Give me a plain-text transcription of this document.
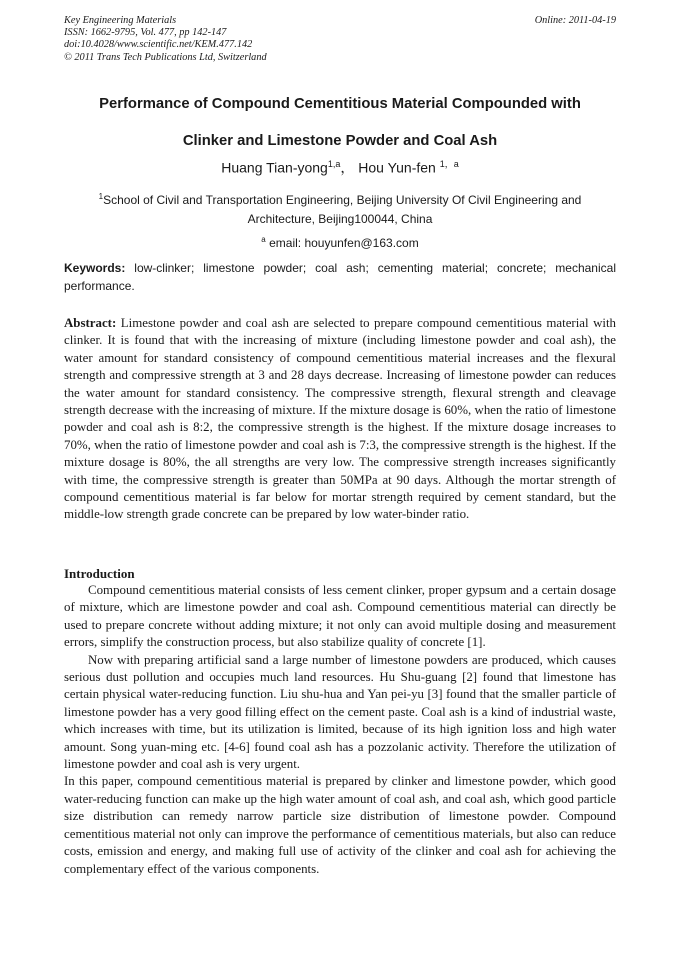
Key Engineering Materials
ISSN: 1662-9795, Vol. 477, pp 142-147
doi:10.4028/www.scientific.net/KEM.477.142
© 2011 Trans Tech Publications Ltd, Switzerland
Online: 2011-04-19
Performance of Compound Cementitious Material Compounded with
Clinker and Limestone Powder and Coal Ash
Huang Tian-yong$^{1,a}$， Hou Yun-fen $^{1,a}$
$^1$School of Civil and Transportation Engineering, Beijing University Of Civil Engineering and Architecture, Beijing100044, China
$^a$ email: houyunfen@163.com
Keywords: low-clinker; limestone powder; coal ash; cementing material; concrete; mechanical performance.
Abstract: Limestone powder and coal ash are selected to prepare compound cementitious material with clinker. It is found that with the increasing of mixture (including limestone powder and coal ash), the water amount for standard consistency of compound cementitious material increases and the flexural strength and compressive strength at 3 and 28 days decrease. Increasing of limestone powder can reduces the water amount for standard consistency. The compressive strength, flexural strength and cleavage strength decrease with the increasing of mixture. If the mixture dosage is 60%, when the ratio of limestone powder and coal ash is 8:2, the compressive strength is the highest. If the mixture dosage increases to 70%, when the ratio of limestone powder and coal ash is 7:3, the compressive strength is the highest. If the mixture dosage is 80%, the all strengths are very low. The compressive strength increases significantly with time, the compressive strength is greater than 50MPa at 90 days. Although the mortar strength of compound cementitious material is far below for mortar strength required by cement standard, but the middle-low strength grade concrete can be prepared by low water-binder ratio.
Introduction

Compound cementitious material consists of less cement clinker, proper gypsum and a certain dosage of mixture, which are limestone powder and coal ash. Compound cementitious material can directly be used to prepare concrete without adding mixture; it not only can avoid multiple dosing and measurement errors, simplify the construction process, but also stabilize quality of concrete [1].

Now with preparing artificial sand a large number of limestone powders are produced, which causes serious dust pollution and occupies much land resources. Hu Shu-guang [2] found that limestone has certain physical water-reducing function. Liu shu-hua and Yan pei-yu [3] found that the smaller particle of limestone powder has a very good filling effect on the cement paste. Coal ash is a kind of industrial waste, which increases with time, but its utilization is limited, because of its high ignition loss and high water amount. Song yuan-ming etc. [4-6] found coal ash has a pozzolanic activity. Therefore the utilization of limestone powder and coal ash is very urgent.

In this paper, compound cementitious material is prepared by clinker and limestone powder, which good water-reducing function can make up the high water amount of coal ash, and coal ash, which good particle size distribution can remedy narrow particle size distribution of limestone powder. Compound cementitious material not only can improve the performance of cementitious materials, but also can reduce costs, emission and energy, and making full use of activity of the clinker and coal ash for achieving the complementary effect of the various components.
